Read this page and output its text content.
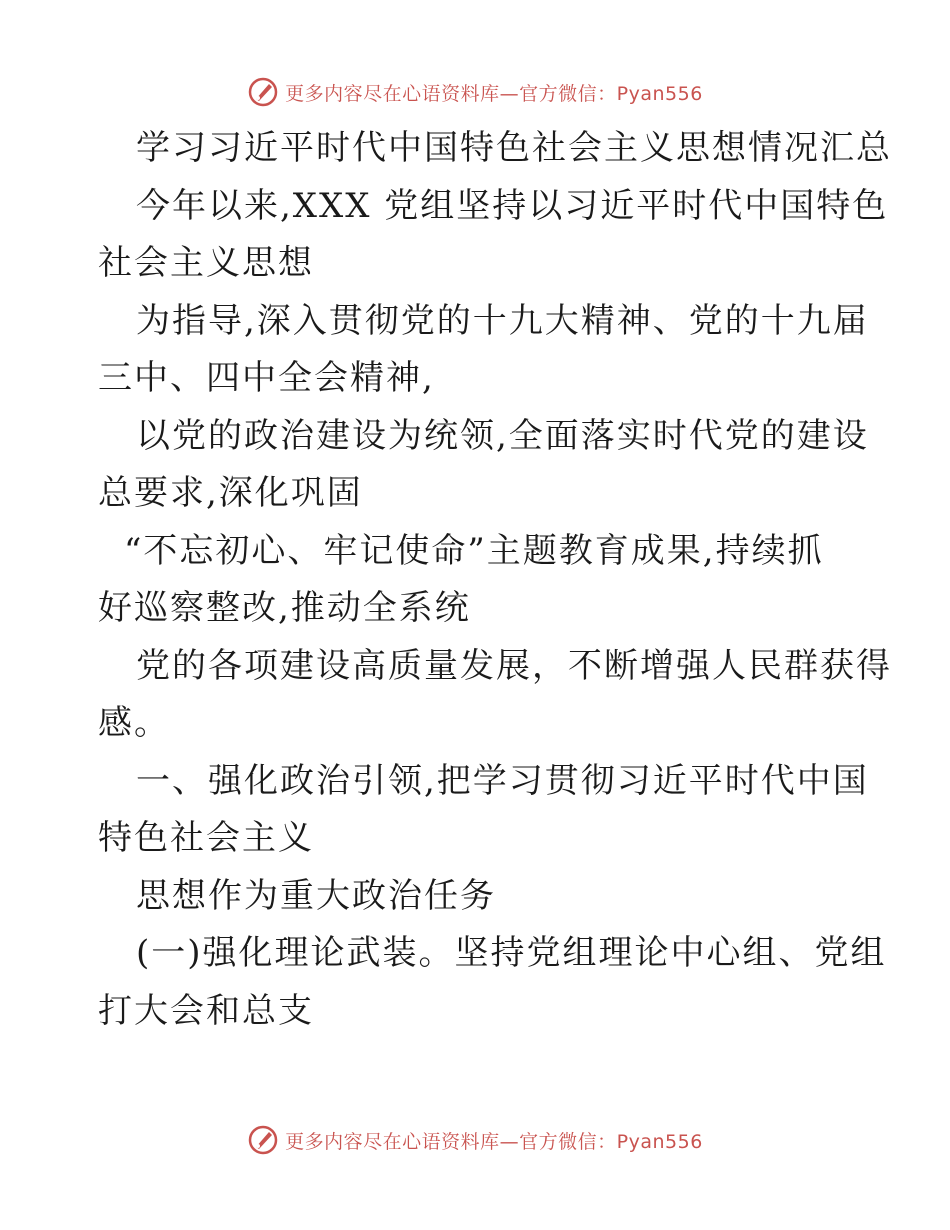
更多内容尽在心语资料库—官方微信：Pyan556
学习习近平时代中国特色社会主义思想情况汇总
今年以来,XXX 党组坚持以习近平时代中国特色
社会主义思想
为指导,深入贯彻党的十九大精神、党的十九届
三中、四中全会精神,
以党的政治建设为统领,全面落实时代党的建设
总要求,深化巩固
“不忘初心、牢记使命”主题教育成果,持续抓
好巡察整改,推动全系统
党的各项建设高质量发展，不断增强人民群获得
感。
一、强化政治引领,把学习贯彻习近平时代中国
特色社会主义
思想作为重大政治任务
(一)强化理论武装。坚持党组理论中心组、党组
打大会和总支
更多内容尽在心语资料库—官方微信：Pyan556
